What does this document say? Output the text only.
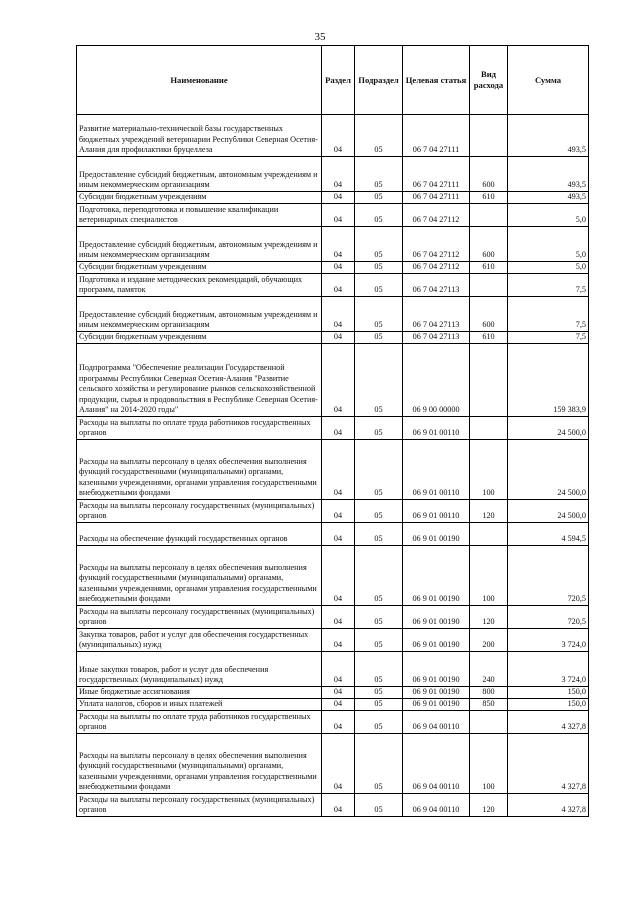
35
Наименование	Раздел	Подраздел	Целевая статья	Вид расхода	Сумма
Развитие материально-технической базы государственных бюджетных учреждений ветеринарии Республики Северная Осетия-Алания для профилактики бруцеллеза	04	05	06 7 04 27111		493,5
Предоставление субсидий бюджетным, автономным учреждениям и иным некоммерческим организациям	04	05	06 7 04 27111	600	493,5
Субсидии бюджетным учреждениям	04	05	06 7 04 27111	610	493,5
Подготовка, переподготовка и повышение квалификации ветеринарных специалистов	04	05	06 7 04 27112		5,0
Предоставление субсидий бюджетным, автономным учреждениям и иным некоммерческим организациям	04	05	06 7 04 27112	600	5,0
Субсидии бюджетным учреждениям	04	05	06 7 04 27112	610	5,0
Подготовка и издание методических рекомендаций, обучающих программ, памяток	04	05	06 7 04 27113		7,5
Предоставление субсидий бюджетным, автономным учреждениям и иным некоммерческим организациям	04	05	06 7 04 27113	600	7,5
Субсидии бюджетным учреждениям	04	05	06 7 04 27113	610	7,5
Подпрограмма "Обеспечение реализации Государственной программы Республики Северная Осетия-Алания "Развитие сельского хозяйства и регулирование рынков сельскохозяйственной продукции, сырья и продовольствия в Республике Северная Осетия-Алания" на 2014-2020 годы"	04	05	06 9 00 00000		159 383,9
Расходы на выплаты по оплате труда работников государственных органов	04	05	06 9 01 00110		24 500,0
Расходы на выплаты персоналу в целях обеспечения выполнения функций государственными (муниципальными) органами, казенными учреждениями, органами управления государственными внебюджетными фондами	04	05	06 9 01 00110	100	24 500,0
Расходы на выплаты персоналу государственных (муниципальных) органов	04	05	06 9 01 00110	120	24 500,0
Расходы на обеспечение функций государственных органов	04	05	06 9 01 00190		4 594,5
Расходы на выплаты персоналу в целях обеспечения выполнения функций государственными (муниципальными) органами, казенными учреждениями, органами управления государственными внебюджетными фондами	04	05	06 9 01 00190	100	720,5
Расходы на выплаты персоналу государственных (муниципальных) органов	04	05	06 9 01 00190	120	720,5
Закупка товаров, работ и услуг для обеспечения государственных (муниципальных) нужд	04	05	06 9 01 00190	200	3 724,0
Иные закупки товаров, работ и услуг для обеспечения государственных (муниципальных) нужд	04	05	06 9 01 00190	240	3 724,0
Иные бюджетные ассигнования	04	05	06 9 01 00190	800	150,0
Уплата налогов, сборов и иных платежей	04	05	06 9 01 00190	850	150,0
Расходы на выплаты по оплате труда работников государственных органов	04	05	06 9 04 00110		4 327,8
Расходы на выплаты персоналу в целях обеспечения выполнения функций государственными (муниципальными) органами, казенными учреждениями, органами управления государственными внебюджетными фондами	04	05	06 9 04 00110	100	4 327,8
Расходы на выплаты персоналу государственных (муниципальных) органов	04	05	06 9 04 00110	120	4 327,8
